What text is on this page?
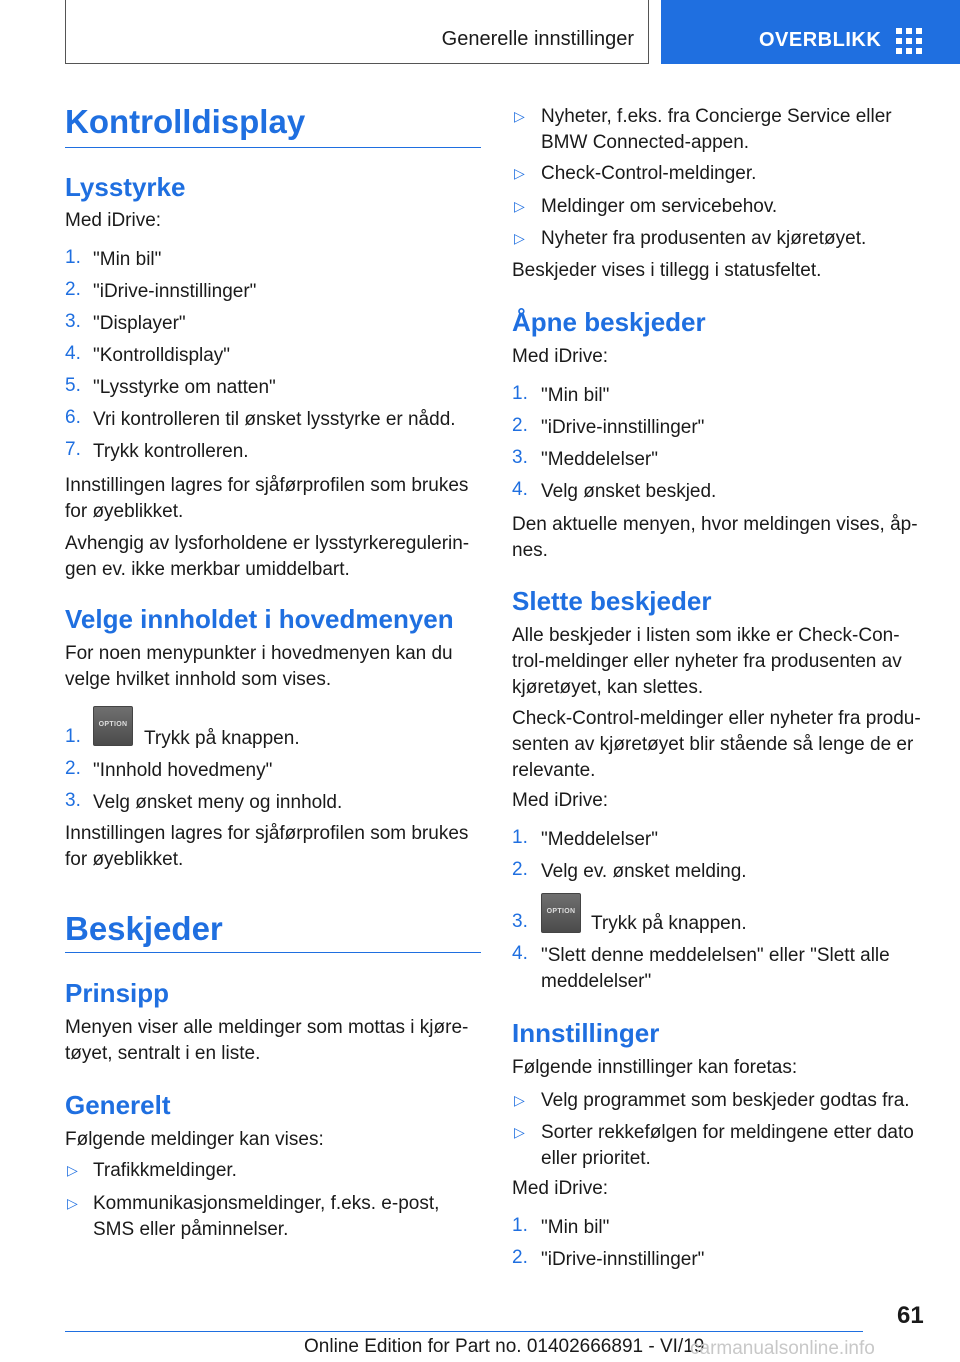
Generelle innstillinger	OVERBLIKK
Kontrolldisplay
Lysstyrke
Med iDrive:
1. "Min bil"
2. "iDrive-innstillinger"
3. "Displayer"
4. "Kontrolldisplay"
5. "Lysstyrke om natten"
6. Vri kontrolleren til ønsket lysstyrke er nådd.
7. Trykk kontrolleren.
Innstillingen lagres for sjåførprofilen som brukes
for øyeblikket.
Avhengig av lysforholdene er lysstyrkeregulerin-
gen ev. ikke merkbar umiddelbart.
Velge innholdet i hovedmenyen
For noen menypunkter i hovedmenyen kan du
velge hvilket innhold som vises.
1.
OPTION
Trykk på knappen.
2. "Innhold hovedmeny"
3. Velg ønsket meny og innhold.
Innstillingen lagres for sjåførprofilen som brukes
for øyeblikket.
Beskjeder
Prinsipp
Menyen viser alle meldinger som mottas i kjøre-
tøyet, sentralt i en liste.
Generelt
Følgende meldinger kan vises:
▷ Trafikkmeldinger.
▷ Kommunikasjonsmeldinger, f.eks. e-post,
SMS eller påminnelser.
▷ Nyheter, f.eks. fra Concierge Service eller
BMW Connected-appen.
▷ Check-Control-meldinger.
▷ Meldinger om servicebehov.
▷ Nyheter fra produsenten av kjøretøyet.
Beskjeder vises i tillegg i statusfeltet.
Åpne beskjeder
Med iDrive:
1. "Min bil"
2. "iDrive-innstillinger"
3. "Meddelelser"
4. Velg ønsket beskjed.
Den aktuelle menyen, hvor meldingen vises, åp-
nes.
Slette beskjeder
Alle beskjeder i listen som ikke er Check-Con-
trol-meldinger eller nyheter fra produsenten av
kjøretøyet, kan slettes.
Check-Control-meldinger eller nyheter fra produ-
senten av kjøretøyet blir stående så lenge de er
relevante.
Med iDrive:
1. "Meddelelser"
2. Velg ev. ønsket melding.
3.	OPTION
Trykk på knappen.
4. "Slett denne meddelelsen" eller "Slett alle
meddelelser"
Innstillinger
Følgende innstillinger kan foretas:
▷ Velg programmet som beskjeder godtas fra.
▷ Sorter rekkefølgen for meldingene etter dato
eller prioritet.
Med iDrive:
1. "Min bil"
2. "iDrive-innstillinger"
61
Online Edition for Part no. 01402666891 - VI/19
carmanualsonline.info
